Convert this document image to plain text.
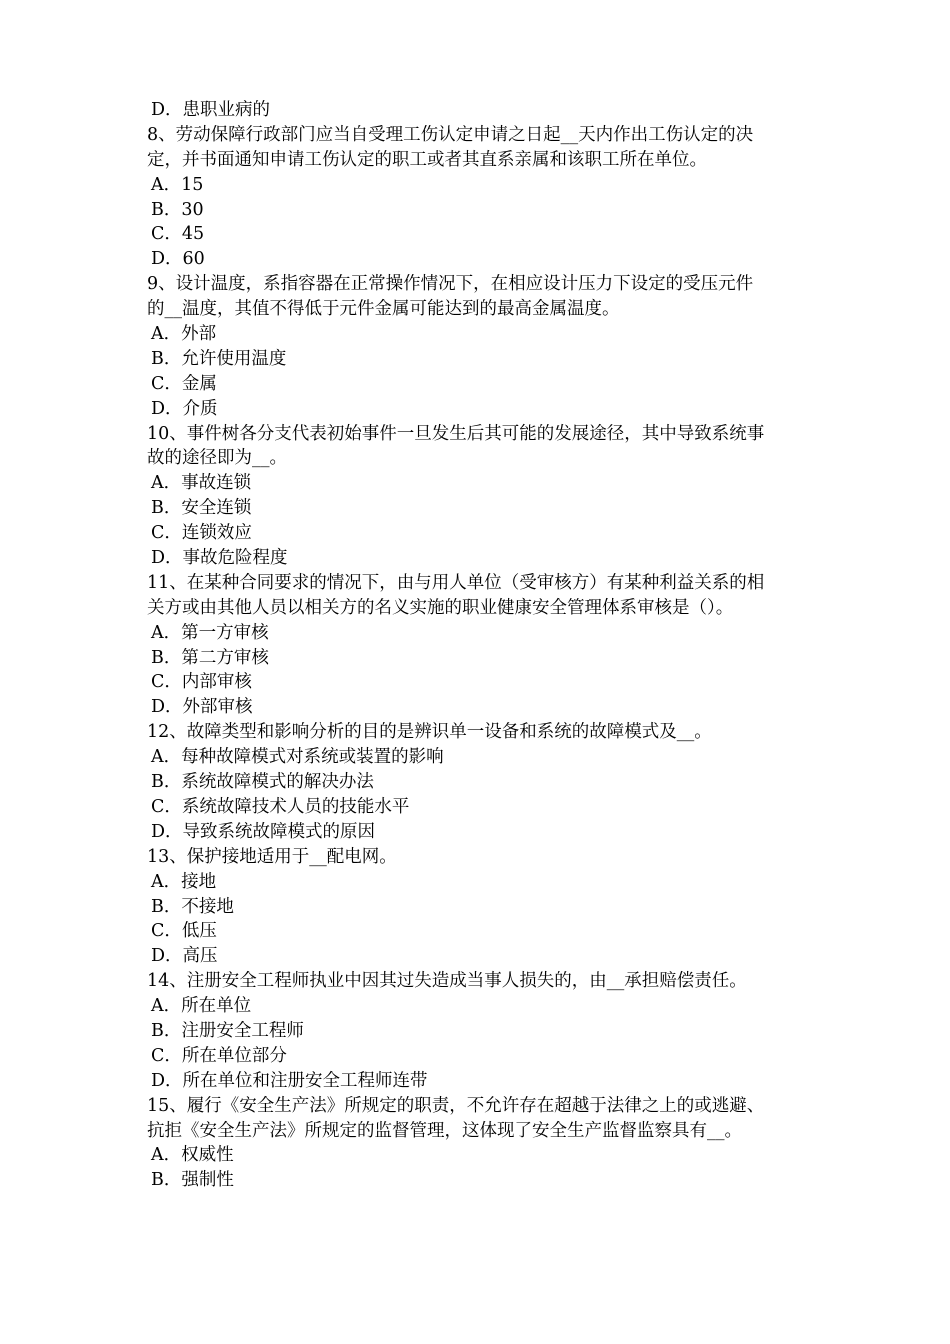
D．患职业病的
8、劳动保障行政部门应当自受理工伤认定申请之日起__天内作出工伤认定的决
定，并书面通知申请工伤认定的职工或者其直系亲属和该职工所在单位。
A．15
B．30
C．45
D．60
9、设计温度，系指容器在正常操作情况下，在相应设计压力下设定的受压元件
的__温度，其值不得低于元件金属可能达到的最高金属温度。
A．外部
B．允许使用温度
C．金属
D．介质
10、事件树各分支代表初始事件一旦发生后其可能的发展途径，其中导致系统事
故的途径即为__。
A．事故连锁
B．安全连锁
C．连锁效应
D．事故危险程度
11、在某种合同要求的情况下，由与用人单位（受审核方）有某种利益关系的相
关方或由其他人员以相关方的名义实施的职业健康安全管理体系审核是（）。
A．第一方审核
B．第二方审核
C．内部审核
D．外部审核
12、故障类型和影响分析的目的是辨识单一设备和系统的故障模式及__。
A．每种故障模式对系统或装置的影响
B．系统故障模式的解决办法
C．系统故障技术人员的技能水平
D．导致系统故障模式的原因
13、保护接地适用于__配电网。
A．接地
B．不接地
C．低压
D．高压
14、注册安全工程师执业中因其过失造成当事人损失的，由__承担赔偿责任。
A．所在单位
B．注册安全工程师
C．所在单位部分
D．所在单位和注册安全工程师连带
15、履行《安全生产法》所规定的职责，不允许存在超越于法律之上的或逃避、
抗拒《安全生产法》所规定的监督管理，这体现了安全生产监督监察具有__。
A．权威性
B．强制性
